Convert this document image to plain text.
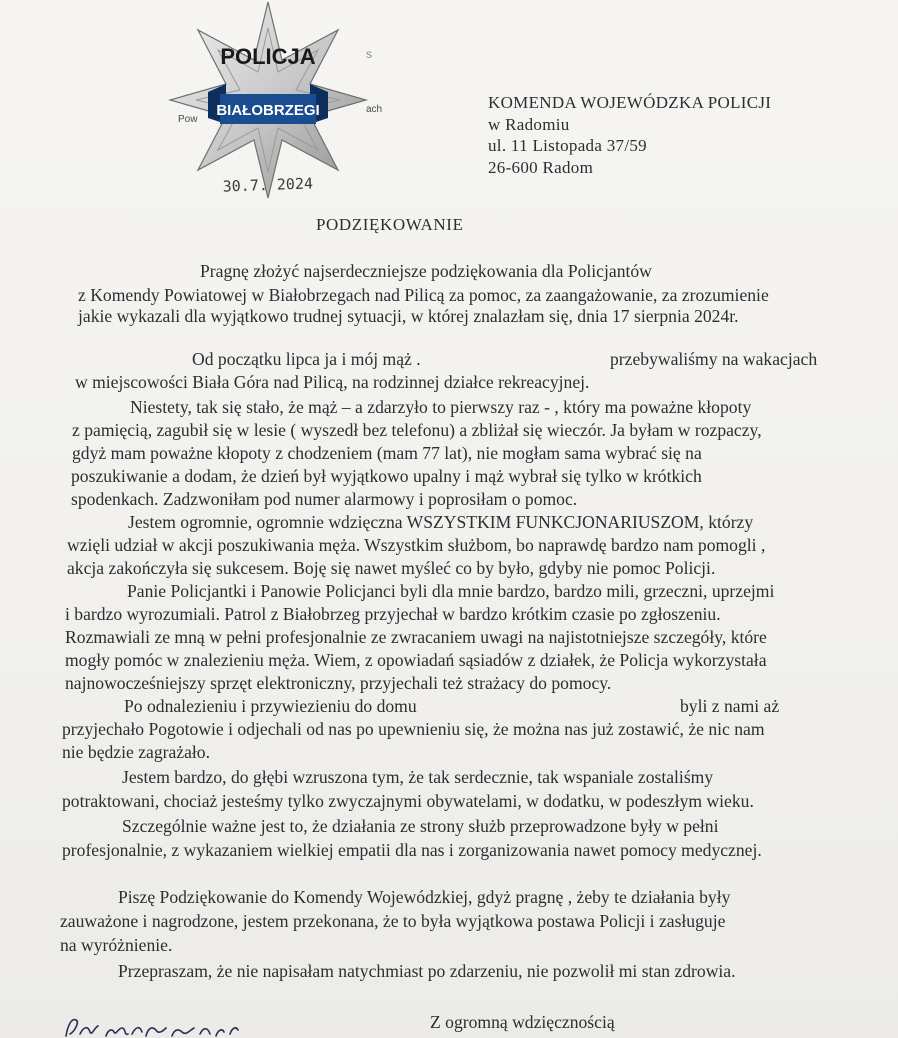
POLICJA
BIAŁOBRZEGI
Pow
ach
s
30.7. 2024
KOMENDA WOJEWÓDZKA POLICJI
w Radomiu
ul. 11 Listopada 37/59
26-600 Radom
PODZIĘKOWANIE
Pragnę złożyć najserdeczniejsze podziękowania dla Policjantów
z Komendy Powiatowej w Białobrzegach nad Pilicą za pomoc, za zaangażowanie, za zrozumienie
jakie wykazali dla wyjątkowo trudnej sytuacji, w której znalazłam się, dnia 17 sierpnia 2024r.
Od początku lipca ja i mój mąż .	przebywaliśmy na wakacjach
w miejscowości Biała Góra nad Pilicą, na rodzinnej działce rekreacyjnej.
Niestety, tak się stało, że mąż – a zdarzyło to pierwszy raz - , który ma poważne kłopoty
z pamięcią, zagubił się w lesie ( wyszedł bez telefonu) a zbliżał się wieczór. Ja byłam w rozpaczy,
gdyż mam poważne kłopoty z chodzeniem (mam 77 lat), nie mogłam sama wybrać się na
poszukiwanie a dodam, że dzień był wyjątkowo upalny i mąż wybrał się tylko w krótkich
spodenkach. Zadzwoniłam pod numer alarmowy i poprosiłam o pomoc.
Jestem ogromnie, ogromnie wdzięczna WSZYSTKIM FUNKCJONARIUSZOM, którzy
wzięli udział w akcji poszukiwania męża. Wszystkim służbom, bo naprawdę bardzo nam pomogli ,
akcja zakończyła się sukcesem. Boję się nawet myśleć co by było, gdyby nie pomoc Policji.
Panie Policjantki i Panowie Policjanci byli dla mnie bardzo, bardzo mili, grzeczni, uprzejmi
i bardzo wyrozumiali. Patrol z Białobrzeg przyjechał w bardzo krótkim czasie po zgłoszeniu.
Rozmawiali ze mną w pełni profesjonalnie ze zwracaniem uwagi na najistotniejsze szczegóły, które
mogły pomóc w znalezieniu męża. Wiem, z opowiadań sąsiadów z działek, że Policja wykorzystała
najnowocześniejszy sprzęt elektroniczny, przyjechali też strażacy do pomocy.
Po odnalezieniu i przywiezieniu do domu	byli z nami aż
przyjechało Pogotowie i odjechali od nas po upewnieniu się, że można nas już zostawić, że nic nam
nie będzie zagrażało.
Jestem bardzo, do głębi wzruszona tym, że tak serdecznie, tak wspaniale zostaliśmy
potraktowani, chociaż jesteśmy tylko zwyczajnymi obywatelami, w dodatku, w podeszłym wieku.
Szczególnie ważne jest to, że działania ze strony służb przeprowadzone były w pełni
profesjonalnie, z wykazaniem wielkiej empatii dla nas i zorganizowania nawet pomocy medycznej.
Piszę Podziękowanie do Komendy Wojewódzkiej, gdyż pragnę , żeby te działania były
zauważone i nagrodzone, jestem przekonana, że to była wyjątkowa postawa Policji i zasługuje
na wyróżnienie.
Przepraszam, że nie napisałam natychmiast po zdarzeniu, nie pozwolił mi stan zdrowia.
Z ogromną wdzięcznością
